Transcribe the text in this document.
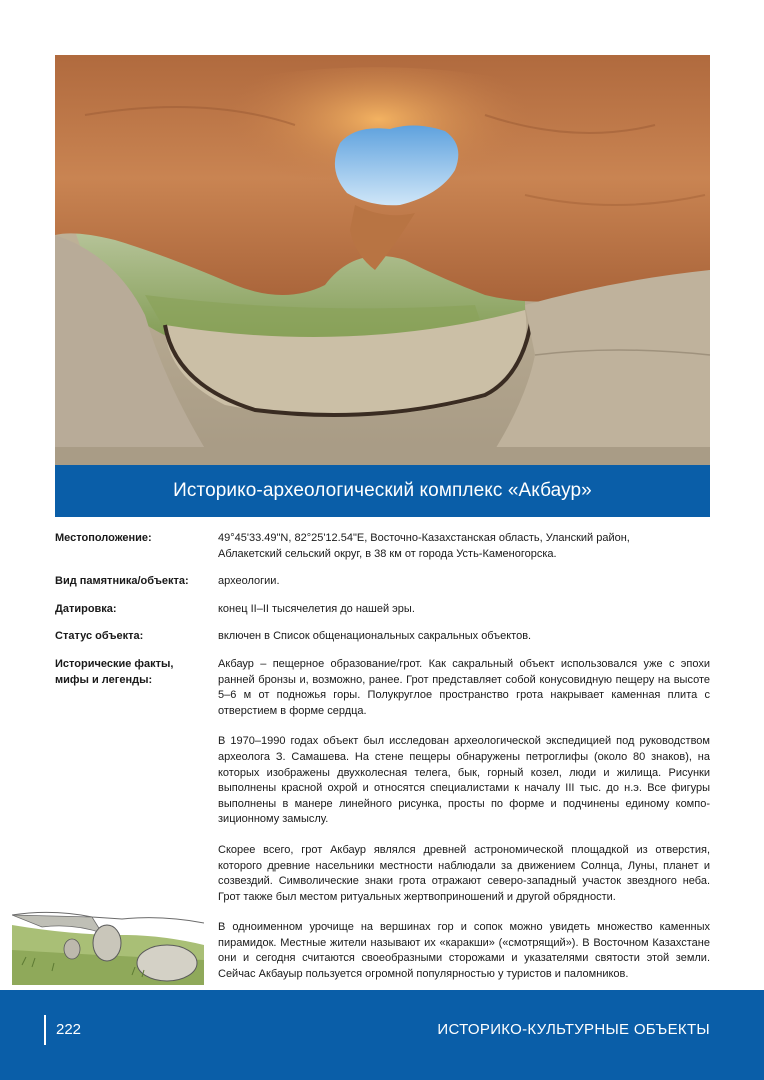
Историко-археологический комплекс «Акбаур»
Местоположение:	49°45'33.49"N, 82°25'12.54"E, Восточно-Казахстанская область, Уланский район,
Аблакетский сельский округ, в 38 км от города Усть-Каменогорска.
Вид памятника/объекта:	археологии.
Датировка:	конец II–II тысячелетия до нашей эры.
Статус объекта:	включен в Список общенациональных сакральных объектов.
Исторические факты,
мифы и легенды:

Акбаур – пещерное образование/грот. Как сакральный объект использовался уже с эпохи ранней бронзы и, возможно, ранее. Грот представляет собой конусовидную пещеру на высоте 5–6 м от подножья горы. Полукруглое пространство грота накрывает каменная плита с отверстием в форме сердца.

В 1970–1990 годах объект был исследован археологической экспедицией под руководством археолога З. Самашева. На стене пещеры обнаружены петроглифы (около 80 знаков), на которых изображены двухколесная телега, бык, горный козел, люди и жилища. Рисунки выполнены красной охрой и относятся специалистами к началу III тыс. до н.э. Все фигуры выполнены в манере линейного рисунка, просты по форме и подчинены единому композиционному замыслу.

Скорее всего, грот Акбаур являлся древней астрономической площадкой из отверстия, которого древние насельники местности наблюдали за движением Солнца, Луны, планет и созвездий. Символические знаки грота отражают северо-западный участок звездного неба. Грот также был местом ритуальных жертвоприношений и другой обрядности.

В одноименном урочище на вершинах гор и сопок можно увидеть множество каменных пирамидок. Местные жители называют их «каракши» («смотрящий»). В Восточном Казахстане они и сегодня считаются своеобразными сторожами и указателями святости этой земли. Сейчас Акбауыр пользуется огромной популярностью у туристов и паломников.

222	ИСТОРИКО-КУЛЬТУРНЫЕ ОБЪЕКТЫ
